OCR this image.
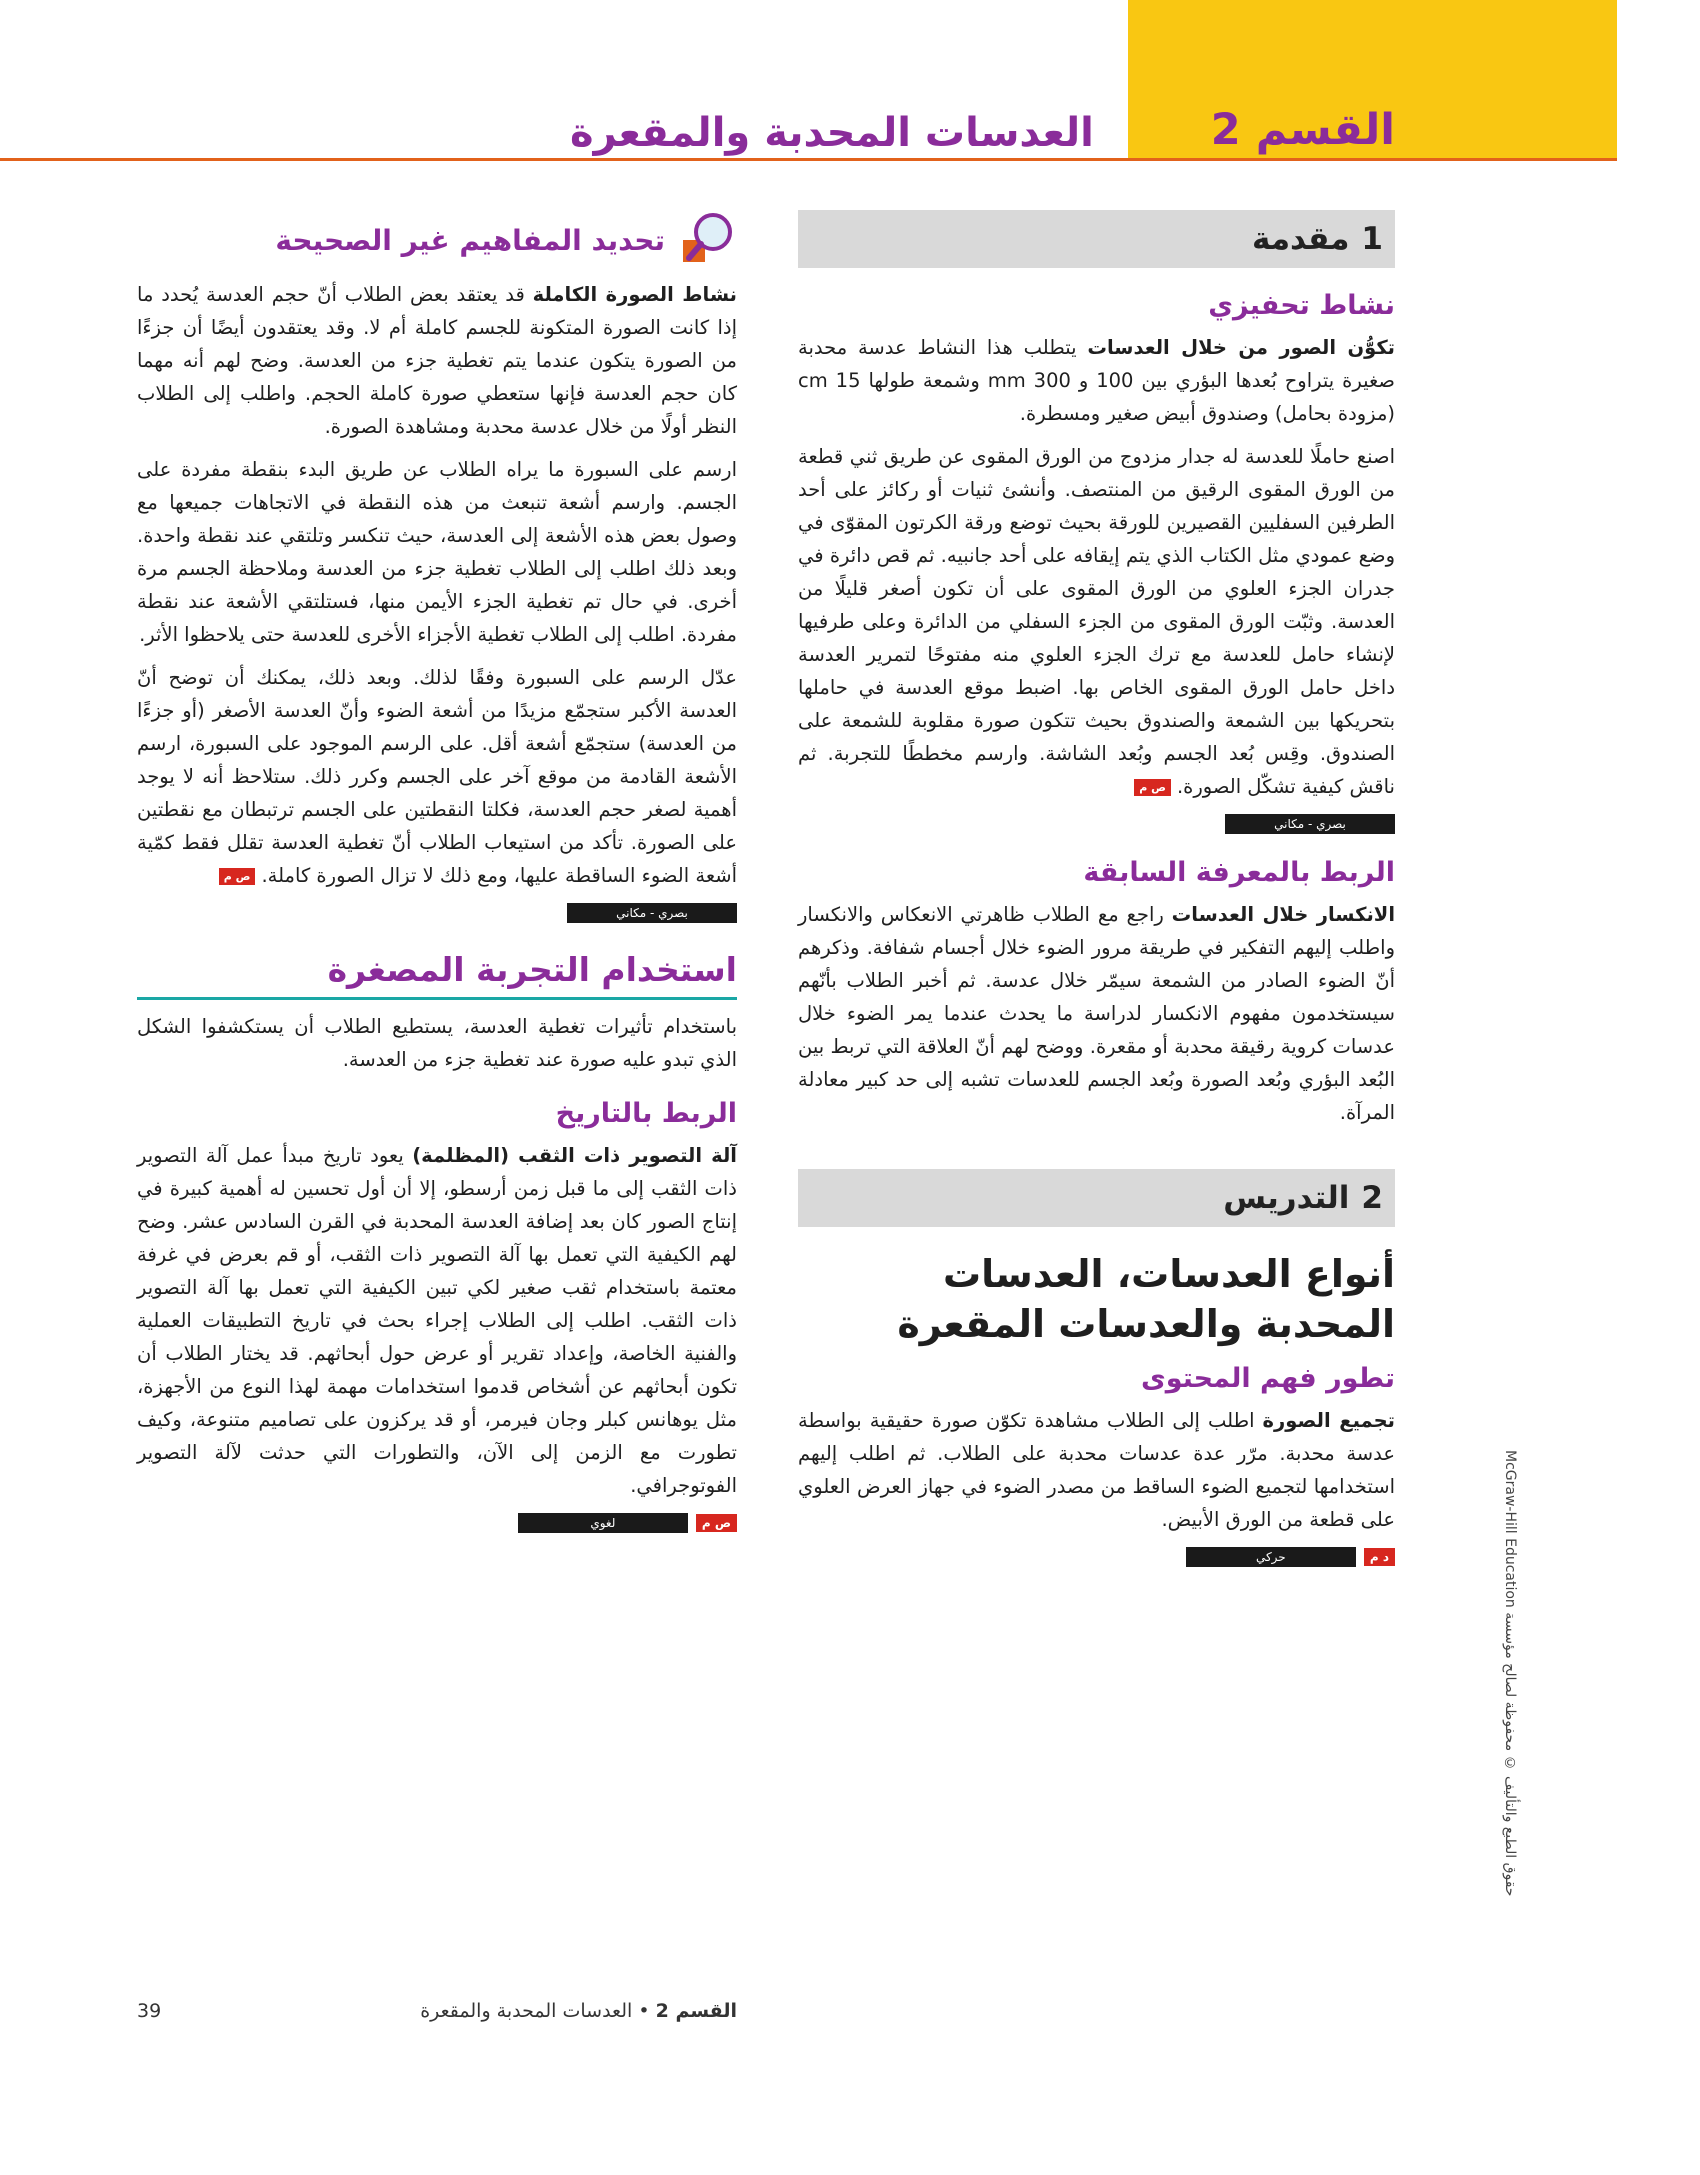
القسم 2
العدسات المحدبة والمقعرة
1
مقدمة
نشاط تحفيزي

تكوُّن الصور من خلال العدسات يتطلب هذا النشاط عدسة محدبة صغيرة يتراوح بُعدها البؤري بين 100 و 300 mm وشمعة طولها 15 cm (مزودة بحامل) وصندوق أبيض صغير ومسطرة.

اصنع حاملًا للعدسة له جدار مزدوج من الورق المقوى عن طريق ثني قطعة من الورق المقوى الرقيق من المنتصف. وأنشئ ثنيات أو ركائز على أحد الطرفين السفليين القصيرين للورقة بحيث توضع ورقة الكرتون المقوّى في وضع عمودي مثل الكتاب الذي يتم إيقافه على أحد جانبيه. ثم قص دائرة في جدران الجزء العلوي من الورق المقوى على أن تكون أصغر قليلًا من العدسة. وثبّت الورق المقوى من الجزء السفلي من الدائرة وعلى طرفيها لإنشاء حامل للعدسة مع ترك الجزء العلوي منه مفتوحًا لتمرير العدسة داخل حامل الورق المقوى الخاص بها. اضبط موقع العدسة في حاملها بتحريكها بين الشمعة والصندوق بحيث تتكون صورة مقلوبة للشمعة على الصندوق. وقِس بُعد الجسم وبُعد الشاشة. وارسم مخططًا للتجربة. ثم ناقش كيفية تشكّل الصورة.ص م

بصري - مكاني
الربط بالمعرفة السابقة

الانكسار خلال العدسات راجع مع الطلاب ظاهرتي الانعكاس والانكسار واطلب إليهم التفكير في طريقة مرور الضوء خلال أجسام شفافة. وذكرهم أنّ الضوء الصادر من الشمعة سيمّر خلال عدسة. ثم أخبر الطلاب بأنّهم سيستخدمون مفهوم الانكسار لدراسة ما يحدث عندما يمر الضوء خلال عدسات كروية رقيقة محدبة أو مقعرة. ووضح لهم أنّ العلاقة التي تربط بين البُعد البؤري وبُعد الصورة وبُعد الجسم للعدسات تشبه إلى حد كبير معادلة المرآة.

2
التدريس
أنواع العدسات، العدسات المحدبة والعدسات المقعرة
تطور فهم المحتوى

تجميع الصورة اطلب إلى الطلاب مشاهدة تكوّن صورة حقيقية بواسطة عدسة محدبة. مرّر عدة عدسات محدبة على الطلاب. ثم اطلب إليهم استخدامها لتجميع الضوء الساقط من مصدر الضوء في جهاز العرض العلوي على قطعة من الورق الأبيض.

حركي	د م
تحديد المفاهيم غير الصحيحة

نشاط الصورة الكاملة قد يعتقد بعض الطلاب أنّ حجم العدسة يُحدد ما إذا كانت الصورة المتكونة للجسم كاملة أم لا. وقد يعتقدون أيضًا أن جزءًا من الصورة يتكون عندما يتم تغطية جزء من العدسة. وضح لهم أنه مهما كان حجم العدسة فإنها ستعطي صورة كاملة الحجم. واطلب إلى الطلاب النظر أولًا من خلال عدسة محدبة ومشاهدة الصورة.

ارسم على السبورة ما يراه الطلاب عن طريق البدء بنقطة مفردة على الجسم. وارسم أشعة تنبعث من هذه النقطة في الاتجاهات جميعها مع وصول بعض هذه الأشعة إلى العدسة، حيث تنكسر وتلتقي عند نقطة واحدة. وبعد ذلك اطلب إلى الطلاب تغطية جزء من العدسة وملاحظة الجسم مرة أخرى. في حال تم تغطية الجزء الأيمن منها، فستلتقي الأشعة عند نقطة مفردة. اطلب إلى الطلاب تغطية الأجزاء الأخرى للعدسة حتى يلاحظوا الأثر.

عدّل الرسم على السبورة وفقًا لذلك. وبعد ذلك، يمكنك أن توضح أنّ العدسة الأكبر ستجمّع مزيدًا من أشعة الضوء وأنّ العدسة الأصغر (أو جزءًا من العدسة) ستجمّع أشعة أقل. على الرسم الموجود على السبورة، ارسم الأشعة القادمة من موقع آخر على الجسم وكرر ذلك. ستلاحظ أنه لا يوجد أهمية لصغر حجم العدسة، فكلتا النقطتين على الجسم ترتبطان مع نقطتين على الصورة. تأكد من استيعاب الطلاب أنّ تغطية العدسة تقلل فقط كمّية أشعة الضوء الساقطة عليها، ومع ذلك لا تزال الصورة كاملة.ص م

بصري - مكاني
استخدام التجربة المصغرة

باستخدام تأثيرات تغطية العدسة، يستطيع الطلاب أن يستكشفوا الشكل الذي تبدو عليه صورة عند تغطية جزء من العدسة.

الربط بالتاريخ

آلة التصوير ذات الثقب (المظلمة) يعود تاريخ مبدأ عمل آلة التصوير ذات الثقب إلى ما قبل زمن أرسطو، إلا أن أول تحسين له أهمية كبيرة في إنتاج الصور كان بعد إضافة العدسة المحدبة في القرن السادس عشر. وضح لهم الكيفية التي تعمل بها آلة التصوير ذات الثقب، أو قم بعرض في غرفة معتمة باستخدام ثقب صغير لكي تبين الكيفية التي تعمل بها آلة التصوير ذات الثقب. اطلب إلى الطلاب إجراء بحث في تاريخ التطبيقات العملية والفنية الخاصة، وإعداد تقرير أو عرض حول أبحاثهم. قد يختار الطلاب أن تكون أبحاثهم عن أشخاص قدموا استخدامات مهمة لهذا النوع من الأجهزة، مثل يوهانس كبلر وجان فيرمر، أو قد يركزون على تصاميم متنوعة، وكيف تطورت مع الزمن إلى الآن، والتطورات التي حدثت لآلة التصوير الفوتوجرافي.

لغوي	ص م	حقوق الطبع والتأليف © محفوظة لصالح مؤسسة McGraw-Hill Education
39	القسم 2 • العدسات المحدبة والمقعرة
